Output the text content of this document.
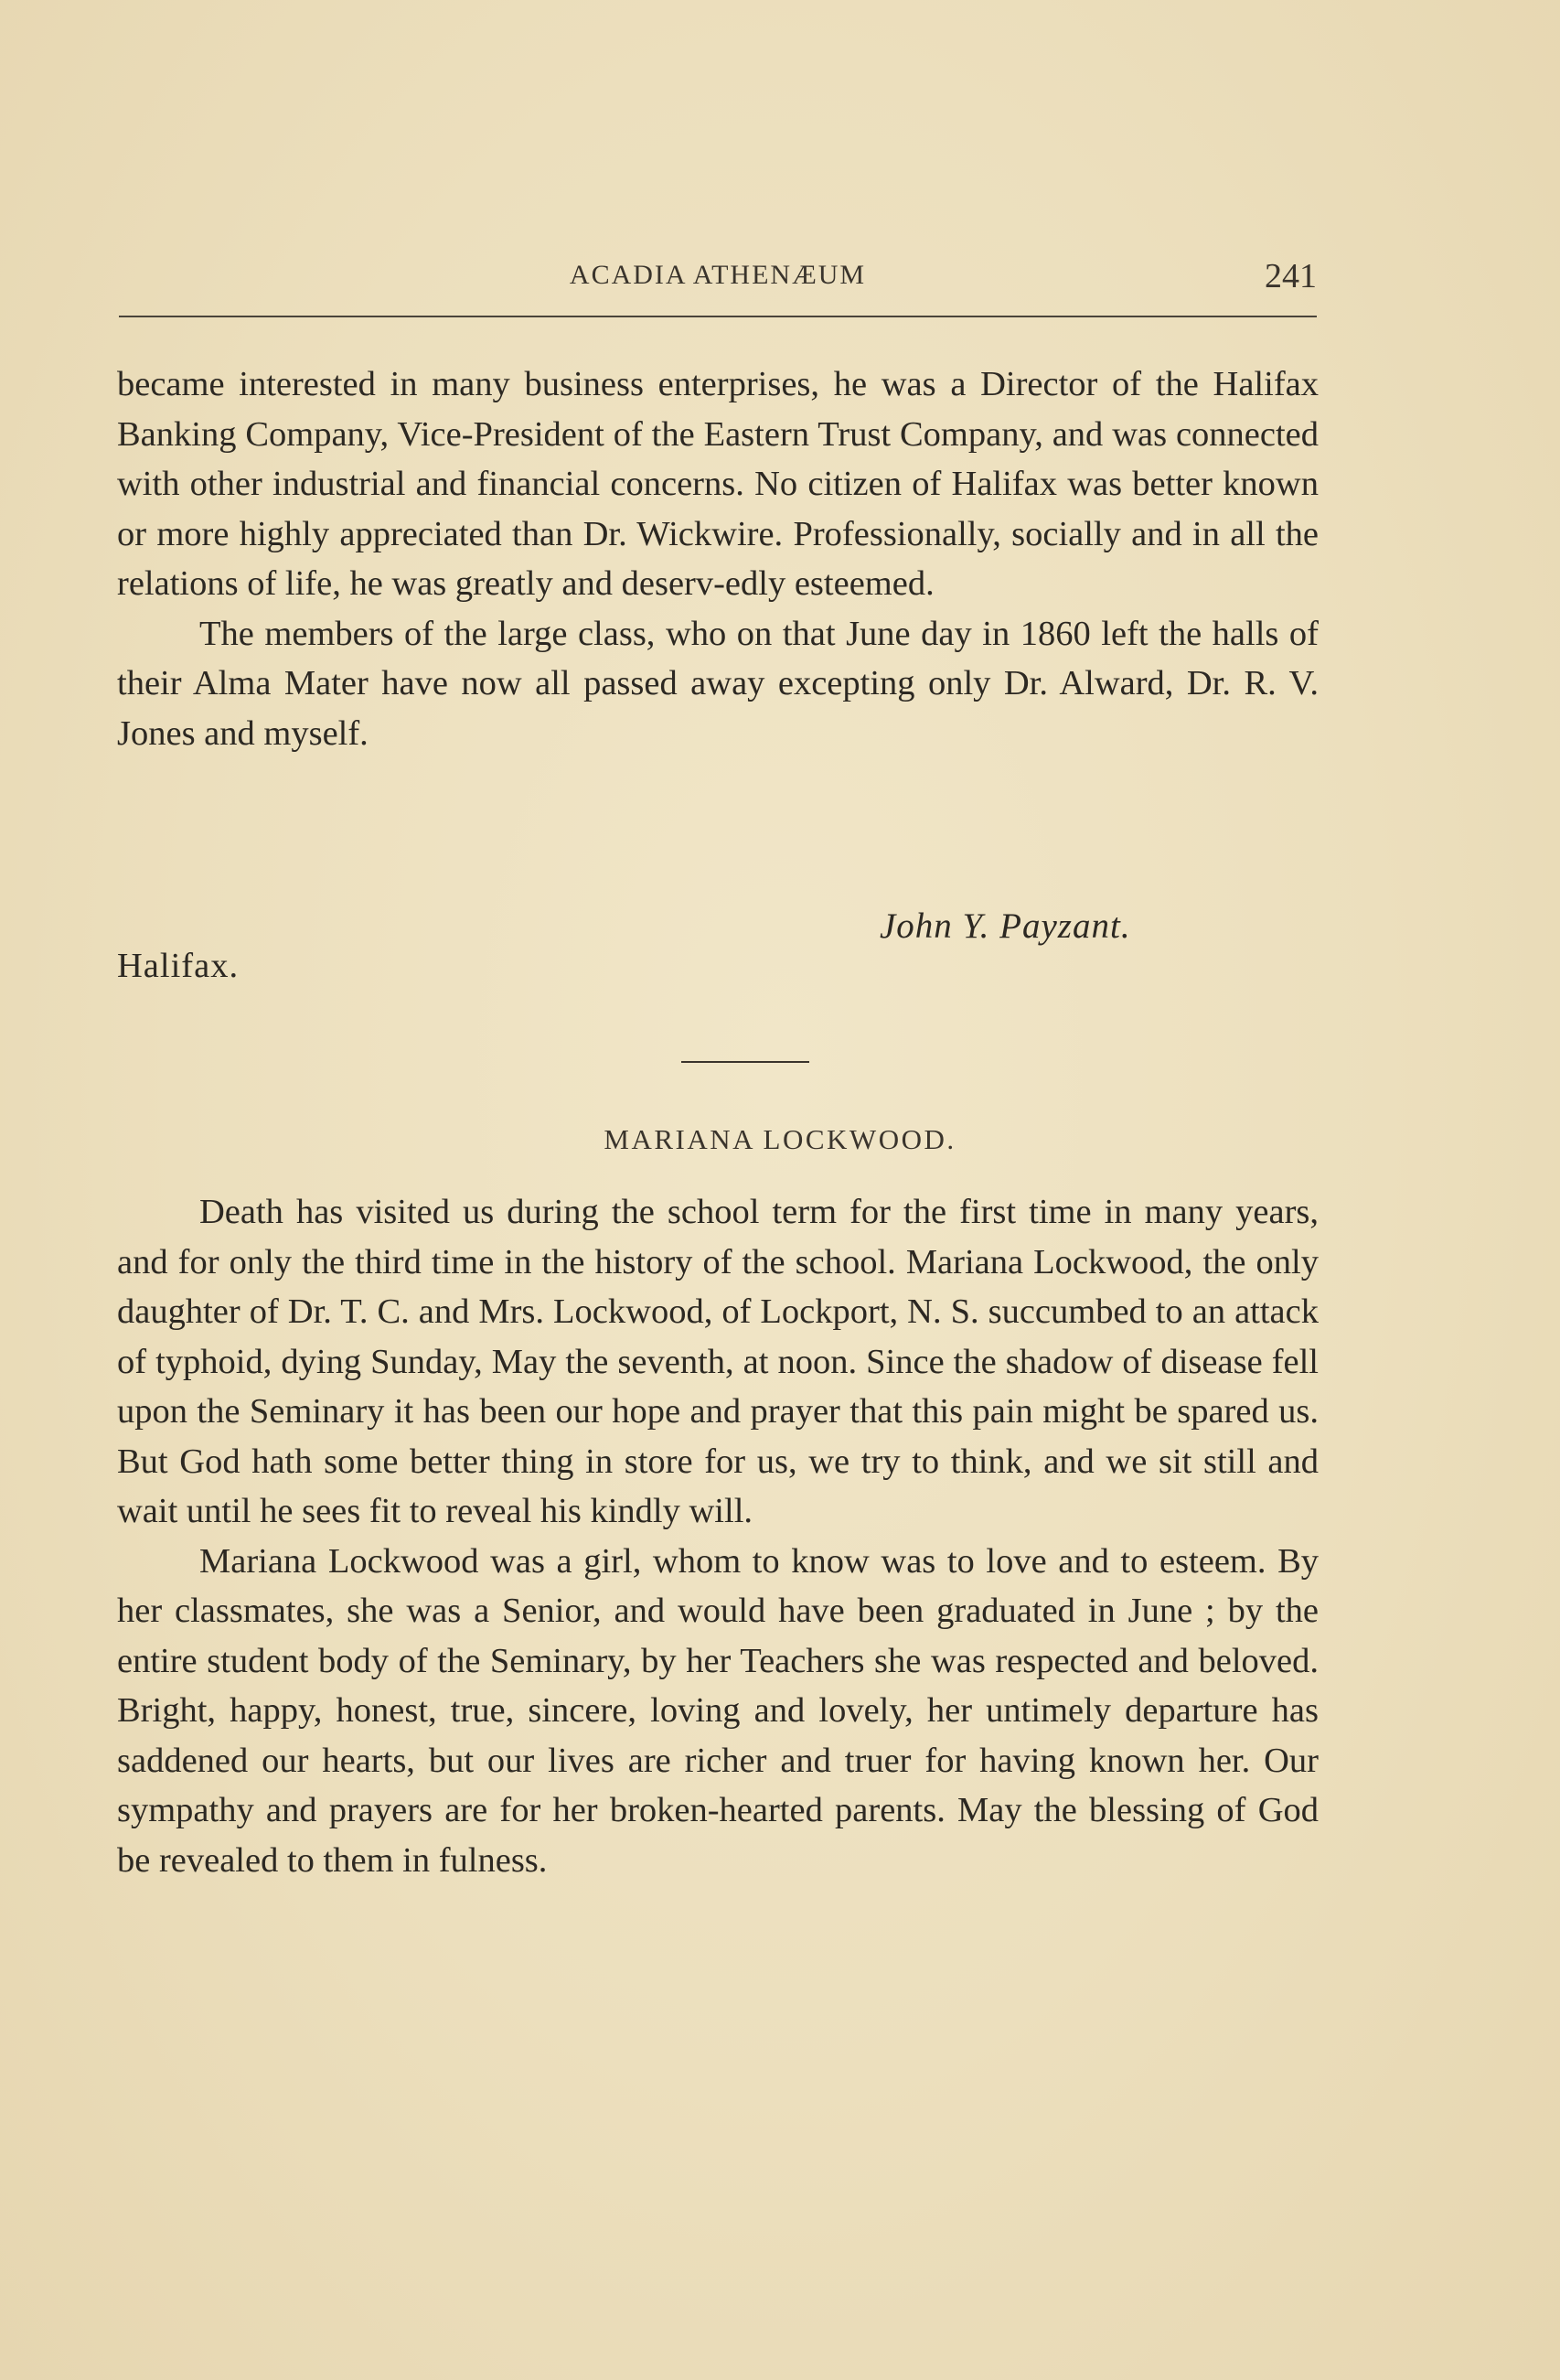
ACADIA ATHENÆUM	241

became interested in many business enterprises, he was a Director of the Halifax Banking Company, Vice-President of the Eastern Trust Company, and was connected with other industrial and financial concerns. No citizen of Halifax was better known or more highly appreciated than Dr. Wickwire. Professionally, socially and in all the relations of life, he was greatly and deserv-edly esteemed.

The members of the large class, who on that June day in 1860 left the halls of their Alma Mater have now all passed away excepting only Dr. Alward, Dr. R. V. Jones and myself.

John Y. Payzant.
Halifax.
MARIANA LOCKWOOD.

Death has visited us during the school term for the first time in many years, and for only the third time in the history of the school. Mariana Lockwood, the only daughter of Dr. T. C. and Mrs. Lockwood, of Lockport, N. S. succumbed to an attack of typhoid, dying Sunday, May the seventh, at noon. Since the shadow of disease fell upon the Seminary it has been our hope and prayer that this pain might be spared us. But God hath some better thing in store for us, we try to think, and we sit still and wait until he sees fit to reveal his kindly will.

Mariana Lockwood was a girl, whom to know was to love and to esteem. By her classmates, she was a Senior, and would have been graduated in June ; by the entire student body of the Seminary, by her Teachers she was respected and beloved. Bright, happy, honest, true, sincere, loving and lovely, her untimely departure has saddened our hearts, but our lives are richer and truer for having known her. Our sympathy and prayers are for her broken-hearted parents. May the blessing of God be revealed to them in fulness.
